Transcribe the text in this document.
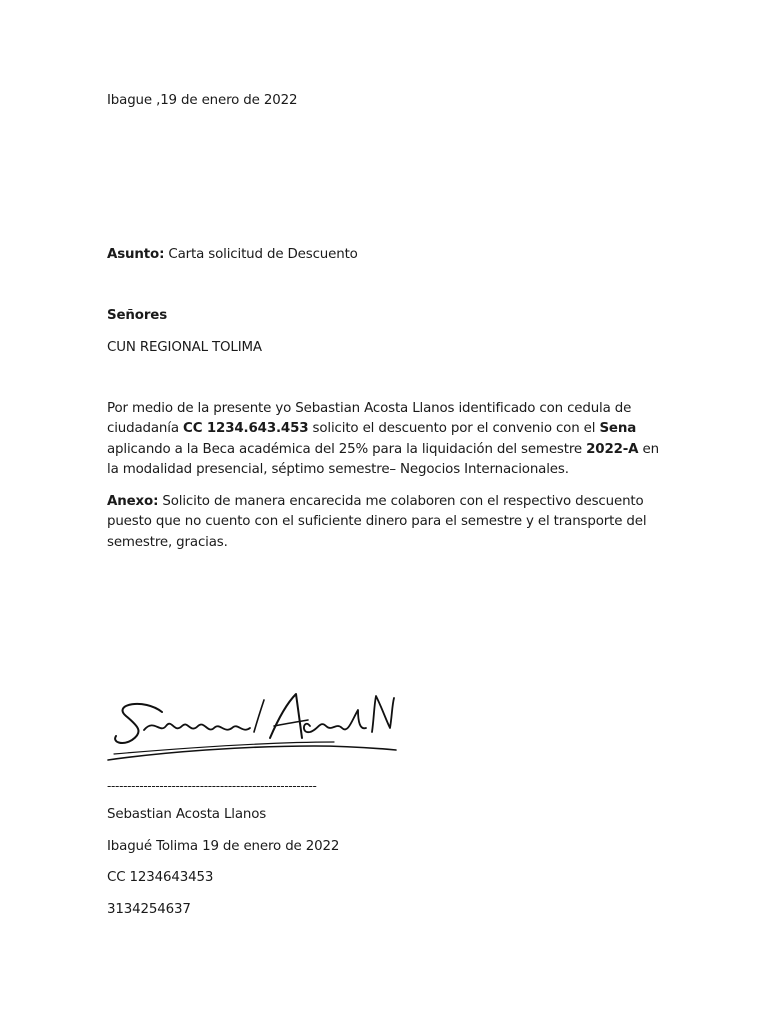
Ibague ,19 de enero de 2022
Asunto: Carta solicitud de Descuento
Señores
CUN REGIONAL TOLIMA
Por medio de la presente yo Sebastian Acosta Llanos identificado con cedula de ciudadanía CC 1234.643.453 solicito el descuento por el convenio con el Sena aplicando a la Beca académica del 25% para la liquidación del semestre 2022-A en la modalidad presencial, séptimo semestre– Negocios Internacionales.
Anexo: Solicito de manera encarecida me colaboren con el respectivo descuento puesto que no cuento con el suficiente dinero para el semestre y el transporte del semestre, gracias.
----------------------------------------------------
Sebastian Acosta Llanos
Ibagué Tolima 19 de enero de 2022
CC 1234643453
3134254637
